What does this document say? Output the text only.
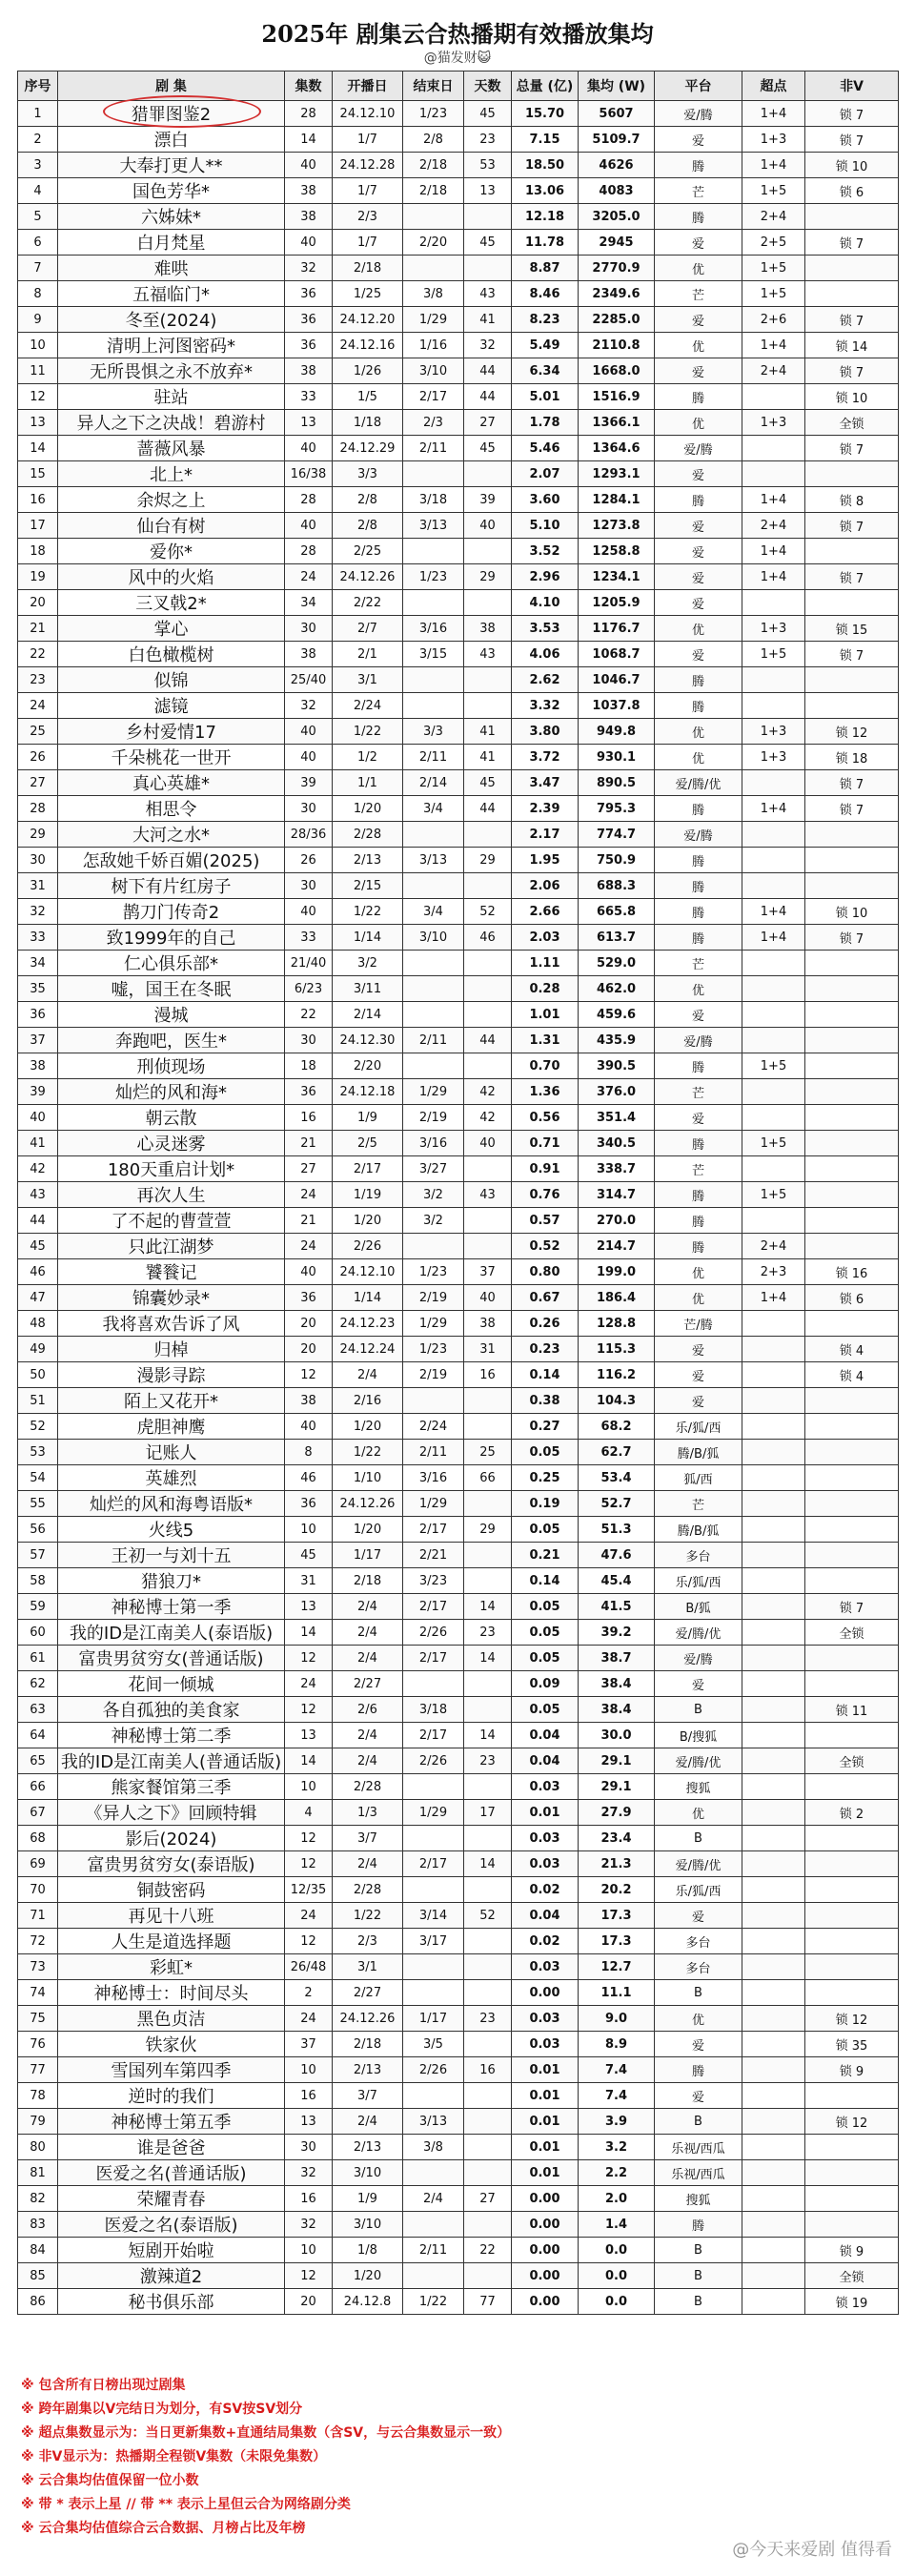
2025年 剧集云合热播期有效播放集均
@猫发财😺
序号	剧 集	集数	开播日	结束日	天数	总量 (亿)	集均 (W)	平台	超点	非V
1	猎罪图鉴2	28	24.12.10	1/23	45	15.70	5607	爱/腾	1+4	锁 7
2	漂白	14	1/7	2/8	23	7.15	5109.7	爱	1+3	锁 7
3	大奉打更人**	40	24.12.28	2/18	53	18.50	4626	腾	1+4	锁 10
4	国色芳华*	38	1/7	2/18	13	13.06	4083	芒	1+5	锁 6
5	六姊妹*	38	2/3			12.18	3205.0	腾	2+4	
6	白月梵星	40	1/7	2/20	45	11.78	2945	爱	2+5	锁 7
7	难哄	32	2/18			8.87	2770.9	优	1+5	
8	五福临门*	36	1/25	3/8	43	8.46	2349.6	芒	1+5	
9	冬至(2024)	36	24.12.20	1/29	41	8.23	2285.0	爱	2+6	锁 7
10	清明上河图密码*	36	24.12.16	1/16	32	5.49	2110.8	优	1+4	锁 14
11	无所畏惧之永不放弃*	38	1/26	3/10	44	6.34	1668.0	爱	2+4	锁 7
12	驻站	33	1/5	2/17	44	5.01	1516.9	腾		锁 10
13	异人之下之决战！碧游村	13	1/18	2/3	27	1.78	1366.1	优	1+3	全锁
14	蔷薇风暴	40	24.12.29	2/11	45	5.46	1364.6	爱/腾		锁 7
15	北上*	16/38	3/3			2.07	1293.1	爱		
16	余烬之上	28	2/8	3/18	39	3.60	1284.1	腾	1+4	锁 8
17	仙台有树	40	2/8	3/13	40	5.10	1273.8	爱	2+4	锁 7
18	爱你*	28	2/25			3.52	1258.8	爱	1+4	
19	风中的火焰	24	24.12.26	1/23	29	2.96	1234.1	爱	1+4	锁 7
20	三叉戟2*	34	2/22			4.10	1205.9	爱		
21	掌心	30	2/7	3/16	38	3.53	1176.7	优	1+3	锁 15
22	白色橄榄树	38	2/1	3/15	43	4.06	1068.7	爱	1+5	锁 7
23	似锦	25/40	3/1			2.62	1046.7	腾		
24	滤镜	32	2/24			3.32	1037.8	腾		
25	乡村爱情17	40	1/22	3/3	41	3.80	949.8	优	1+3	锁 12
26	千朵桃花一世开	40	1/2	2/11	41	3.72	930.1	优	1+3	锁 18
27	真心英雄*	39	1/1	2/14	45	3.47	890.5	爱/腾/优		锁 7
28	相思令	30	1/20	3/4	44	2.39	795.3	腾	1+4	锁 7
29	大河之水*	28/36	2/28			2.17	774.7	爱/腾		
30	怎敌她千娇百媚(2025)	26	2/13	3/13	29	1.95	750.9	腾		
31	树下有片红房子	30	2/15			2.06	688.3	腾		
32	鹊刀门传奇2	40	1/22	3/4	52	2.66	665.8	腾	1+4	锁 10
33	致1999年的自己	33	1/14	3/10	46	2.03	613.7	腾	1+4	锁 7
34	仁心俱乐部*	21/40	3/2			1.11	529.0	芒		
35	嘘，国王在冬眠	6/23	3/11			0.28	462.0	优		
36	漫城	22	2/14			1.01	459.6	爱		
37	奔跑吧，医生*	30	24.12.30	2/11	44	1.31	435.9	爱/腾		
38	刑侦现场	18	2/20			0.70	390.5	腾	1+5	
39	灿烂的风和海*	36	24.12.18	1/29	42	1.36	376.0	芒		
40	朝云散	16	1/9	2/19	42	0.56	351.4	爱		
41	心灵迷雾	21	2/5	3/16	40	0.71	340.5	腾	1+5	
42	180天重启计划*	27	2/17	3/27		0.91	338.7	芒		
43	再次人生	24	1/19	3/2	43	0.76	314.7	腾	1+5	
44	了不起的曹萱萱	21	1/20	3/2		0.57	270.0	腾		
45	只此江湖梦	24	2/26			0.52	214.7	腾	2+4	
46	饕餮记	40	24.12.10	1/23	37	0.80	199.0	优	2+3	锁 16
47	锦囊妙录*	36	1/14	2/19	40	0.67	186.4	优	1+4	锁 6
48	我将喜欢告诉了风	20	24.12.23	1/29	38	0.26	128.8	芒/腾		
49	归棹	20	24.12.24	1/23	31	0.23	115.3	爱		锁 4
50	漫影寻踪	12	2/4	2/19	16	0.14	116.2	爱		锁 4
51	陌上又花开*	38	2/16			0.38	104.3	爱		
52	虎胆神鹰	40	1/20	2/24		0.27	68.2	乐/狐/西		
53	记账人	8	1/22	2/11	25	0.05	62.7	腾/B/狐		
54	英雄烈	46	1/10	3/16	66	0.25	53.4	狐/西		
55	灿烂的风和海粤语版*	36	24.12.26	1/29		0.19	52.7	芒		
56	火线5	10	1/20	2/17	29	0.05	51.3	腾/B/狐		
57	王初一与刘十五	45	1/17	2/21		0.21	47.6	多台		
58	猎狼刀*	31	2/18	3/23		0.14	45.4	乐/狐/西		
59	神秘博士第一季	13	2/4	2/17	14	0.05	41.5	B/狐		锁 7
60	我的ID是江南美人(泰语版)	14	2/4	2/26	23	0.05	39.2	爱/腾/优		全锁
61	富贵男贫穷女(普通话版)	12	2/4	2/17	14	0.05	38.7	爱/腾		
62	花间一倾城	24	2/27			0.09	38.4	爱		
63	各自孤独的美食家	12	2/6	3/18		0.05	38.4	B		锁 11
64	神秘博士第二季	13	2/4	2/17	14	0.04	30.0	B/搜狐		
65	我的ID是江南美人(普通话版)	14	2/4	2/26	23	0.04	29.1	爱/腾/优		全锁
66	熊家餐馆第三季	10	2/28			0.03	29.1	搜狐		
67	《异人之下》回顾特辑	4	1/3	1/29	17	0.01	27.9	优		锁 2
68	影后(2024)	12	3/7			0.03	23.4	B		
69	富贵男贫穷女(泰语版)	12	2/4	2/17	14	0.03	21.3	爱/腾/优		
70	铜鼓密码	12/35	2/28			0.02	20.2	乐/狐/西		
71	再见十八班	24	1/22	3/14	52	0.04	17.3	爱		
72	人生是道选择题	12	2/3	3/17		0.02	17.3	多台		
73	彩虹*	26/48	3/1			0.03	12.7	多台		
74	神秘博士：时间尽头	2	2/27			0.00	11.1	B		
75	黑色贞洁	24	24.12.26	1/17	23	0.03	9.0	优		锁 12
76	铁家伙	37	2/18	3/5		0.03	8.9	爱		锁 35
77	雪国列车第四季	10	2/13	2/26	16	0.01	7.4	腾		锁 9
78	逆时的我们	16	3/7			0.01	7.4	爱		
79	神秘博士第五季	13	2/4	3/13		0.01	3.9	B		锁 12
80	谁是爸爸	30	2/13	3/8		0.01	3.2	乐视/西瓜		
81	医爱之名(普通话版)	32	3/10			0.01	2.2	乐视/西瓜		
82	荣耀青春	16	1/9	2/4	27	0.00	2.0	搜狐		
83	医爱之名(泰语版)	32	3/10			0.00	1.4	腾		
84	短剧开始啦	10	1/8	2/11	22	0.00	0.0	B		锁 9
85	激辣道2	12	1/20			0.00	0.0	B		全锁
86	秘书俱乐部	20	24.12.8	1/22	77	0.00	0.0	B		锁 19
※ 包含所有日榜出现过剧集
※ 跨年剧集以V完结日为划分，有SV按SV划分
※ 超点集数显示为：当日更新集数+直通结局集数（含SV，与云合集数显示一致）
※ 非V显示为：热播期全程锁V集数（未限免集数）
※ 云合集均估值保留一位小数
※ 带 * 表示上星 // 带 ** 表示上星但云合为网络剧分类
※ 云合集均估值综合云合数据、月榜占比及年榜
@今天来爱剧 值得看
